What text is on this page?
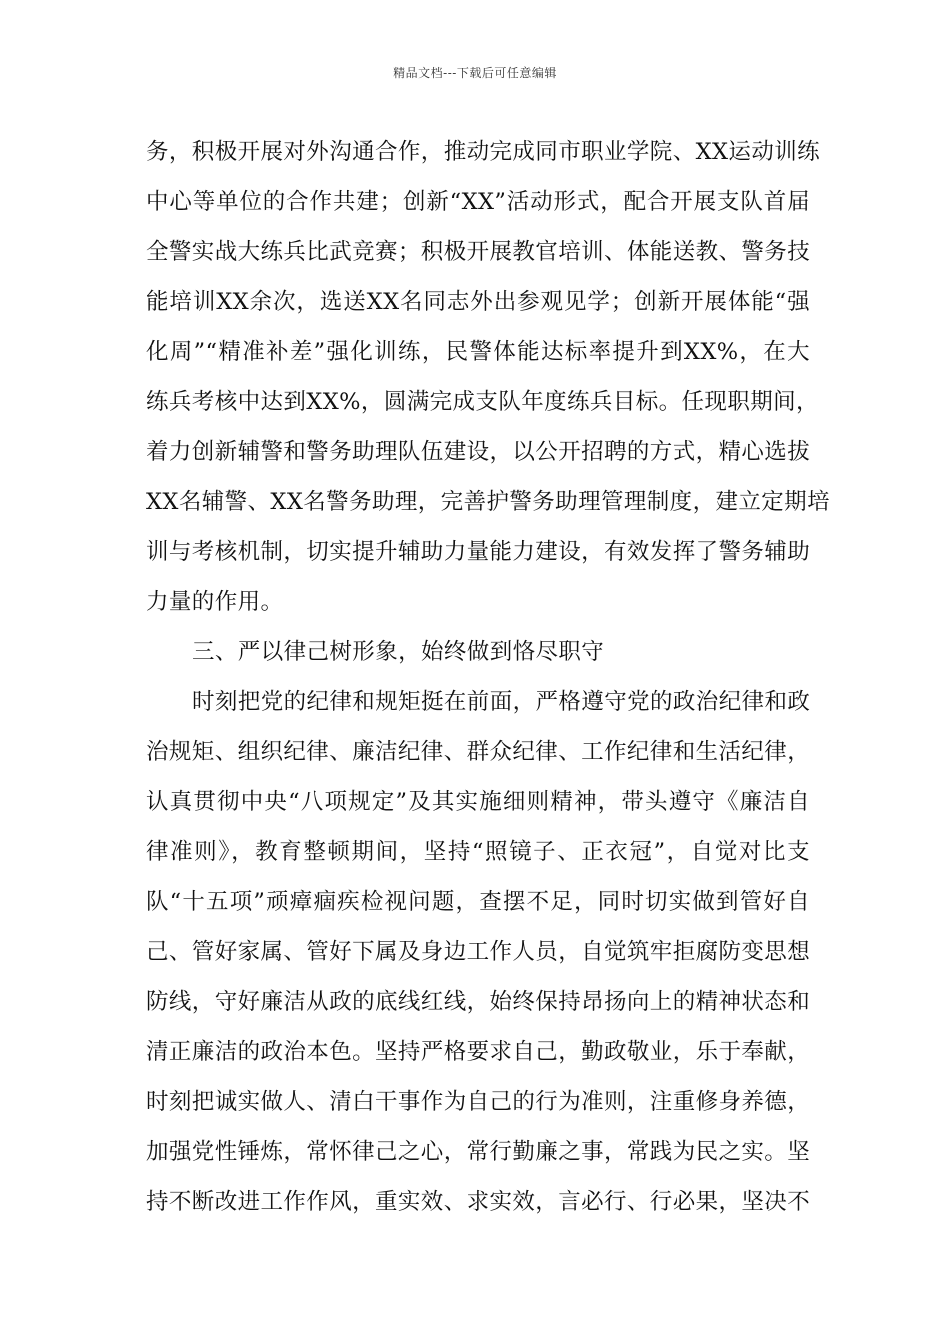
精品文档---下载后可任意编辑
务，积极开展对外沟通合作，推动完成同市职业学院、XX运动训练
中心等单位的合作共建；创新“XX”活动形式，配合开展支队首届
全警实战大练兵比武竞赛；积极开展教官培训、体能送教、警务技
能培训XX余次，选送XX名同志外出参观见学；创新开展体能“强
化周”“精准补差”强化训练，民警体能达标率提升到XX%，在大
练兵考核中达到XX%，圆满完成支队年度练兵目标。任现职期间，
着力创新辅警和警务助理队伍建设，以公开招聘的方式，精心选拔
XX名辅警、XX名警务助理，完善护警务助理管理制度，建立定期培
训与考核机制，切实提升辅助力量能力建设，有效发挥了警务辅助
力量的作用。
三、严以律己树形象，始终做到恪尽职守
时刻把党的纪律和规矩挺在前面，严格遵守党的政治纪律和政
治规矩、组织纪律、廉洁纪律、群众纪律、工作纪律和生活纪律，
认真贯彻中央“八项规定”及其实施细则精神，带头遵守《廉洁自
律准则》，教育整顿期间，坚持“照镜子、正衣冠”，自觉对比支
队“十五项”顽瘴痼疾检视问题，查摆不足，同时切实做到管好自
己、管好家属、管好下属及身边工作人员，自觉筑牢拒腐防变思想
防线，守好廉洁从政的底线红线，始终保持昂扬向上的精神状态和
清正廉洁的政治本色。坚持严格要求自己，勤政敬业，乐于奉献，
时刻把诚实做人、清白干事作为自己的行为准则，注重修身养德，
加强党性锤炼，常怀律己之心，常行勤廉之事，常践为民之实。坚
持不断改进工作作风，重实效、求实效，言必行、行必果，坚决不
